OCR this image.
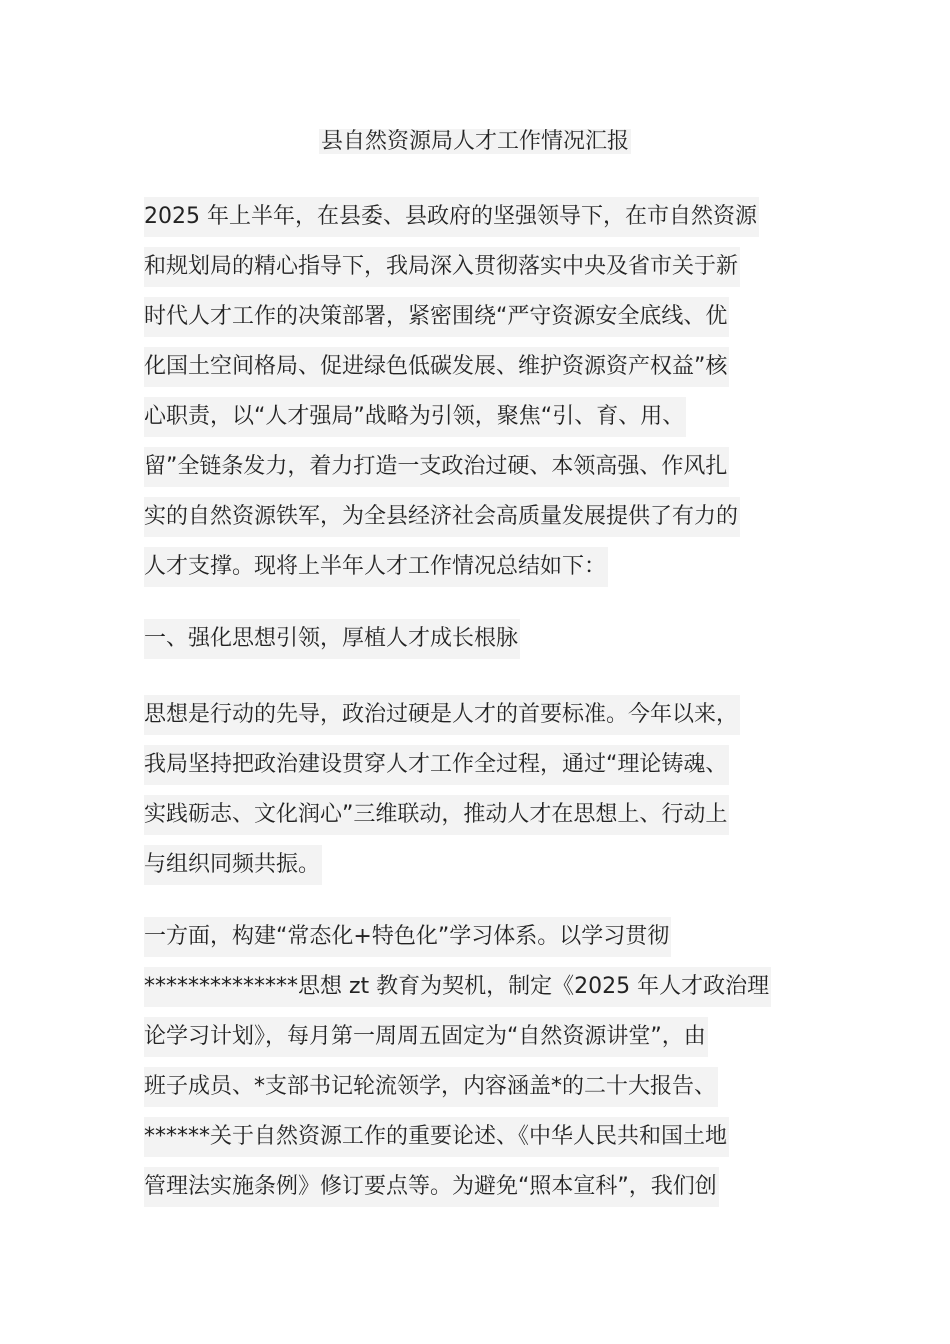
县自然资源局人才工作情况汇报
2025 年上半年，在县委、县政府的坚强领导下，在市自然资源
和规划局的精心指导下，我局深入贯彻落实中央及省市关于新
时代人才工作的决策部署，紧密围绕“严守资源安全底线、优
化国土空间格局、促进绿色低碳发展、维护资源资产权益”核
心职责，以“人才强局”战略为引领，聚焦“引、育、用、
留”全链条发力，着力打造一支政治过硬、本领高强、作风扎
实的自然资源铁军，为全县经济社会高质量发展提供了有力的
人才支撑。现将上半年人才工作情况总结如下：
一、强化思想引领，厚植人才成长根脉
思想是行动的先导，政治过硬是人才的首要标准。今年以来，
我局坚持把政治建设贯穿人才工作全过程，通过“理论铸魂、
实践砺志、文化润心”三维联动，推动人才在思想上、行动上
与组织同频共振。
一方面，构建“常态化+特色化”学习体系。以学习贯彻
**************思想 zt 教育为契机，制定《2025 年人才政治理
论学习计划》，每月第一周周五固定为“自然资源讲堂”，由
班子成员、*支部书记轮流领学，内容涵盖*的二十大报告、
******关于自然资源工作的重要论述、《中华人民共和国土地
管理法实施条例》修订要点等。为避免“照本宣科”，我们创
